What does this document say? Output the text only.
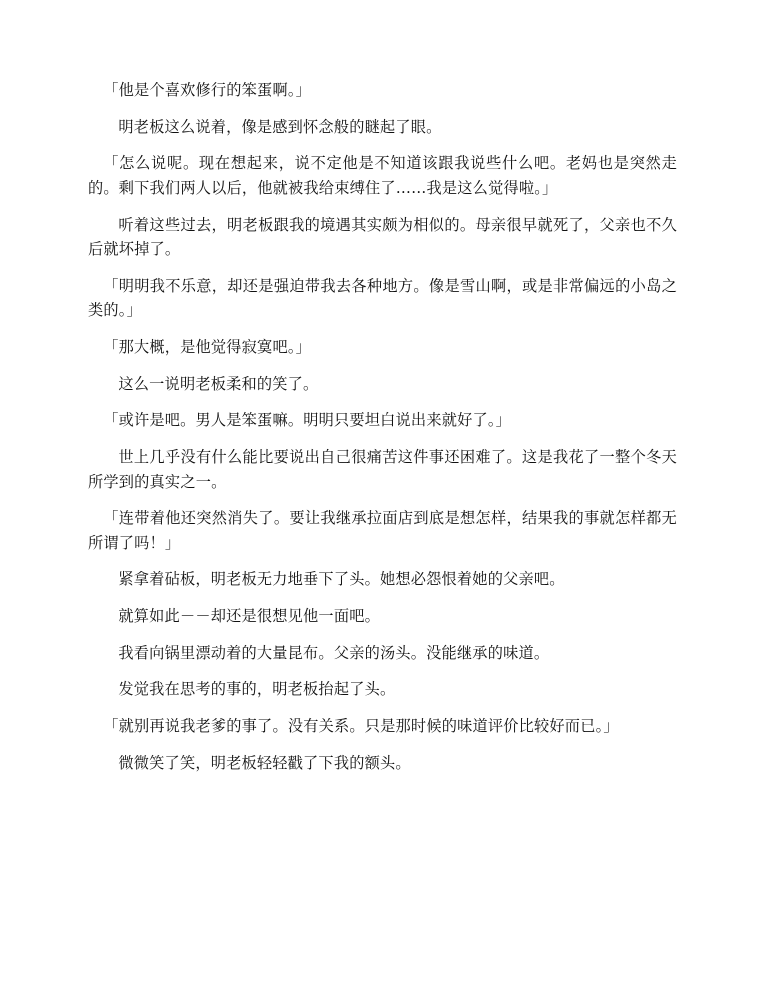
「他是个喜欢修行的笨蛋啊。」

明老板这么说着，像是感到怀念般的瞇起了眼。

「怎么说呢。现在想起来，说不定他是不知道该跟我说些什么吧。老妈也是突然走的。剩下我们两人以后，他就被我给束缚住了……我是这么觉得啦。」

听着这些过去，明老板跟我的境遇其实颇为相似的。母亲很早就死了，父亲也不久后就坏掉了。

「明明我不乐意，却还是强迫带我去各种地方。像是雪山啊，或是非常偏远的小岛之类的。」

「那大概，是他觉得寂寞吧。」

这么一说明老板柔和的笑了。

「或许是吧。男人是笨蛋嘛。明明只要坦白说出来就好了。」

世上几乎没有什么能比要说出自己很痛苦这件事还困难了。这是我花了一整个冬天所学到的真实之一。

「连带着他还突然消失了。要让我继承拉面店到底是想怎样，结果我的事就怎样都无所谓了吗！」

紧拿着砧板，明老板无力地垂下了头。她想必怨恨着她的父亲吧。

就算如此－－却还是很想见他一面吧。

我看向锅里漂动着的大量昆布。父亲的汤头。没能继承的味道。

发觉我在思考的事的，明老板抬起了头。

「就别再说我老爹的事了。没有关系。只是那时候的味道评价比较好而已。」

微微笑了笑，明老板轻轻戳了下我的额头。
